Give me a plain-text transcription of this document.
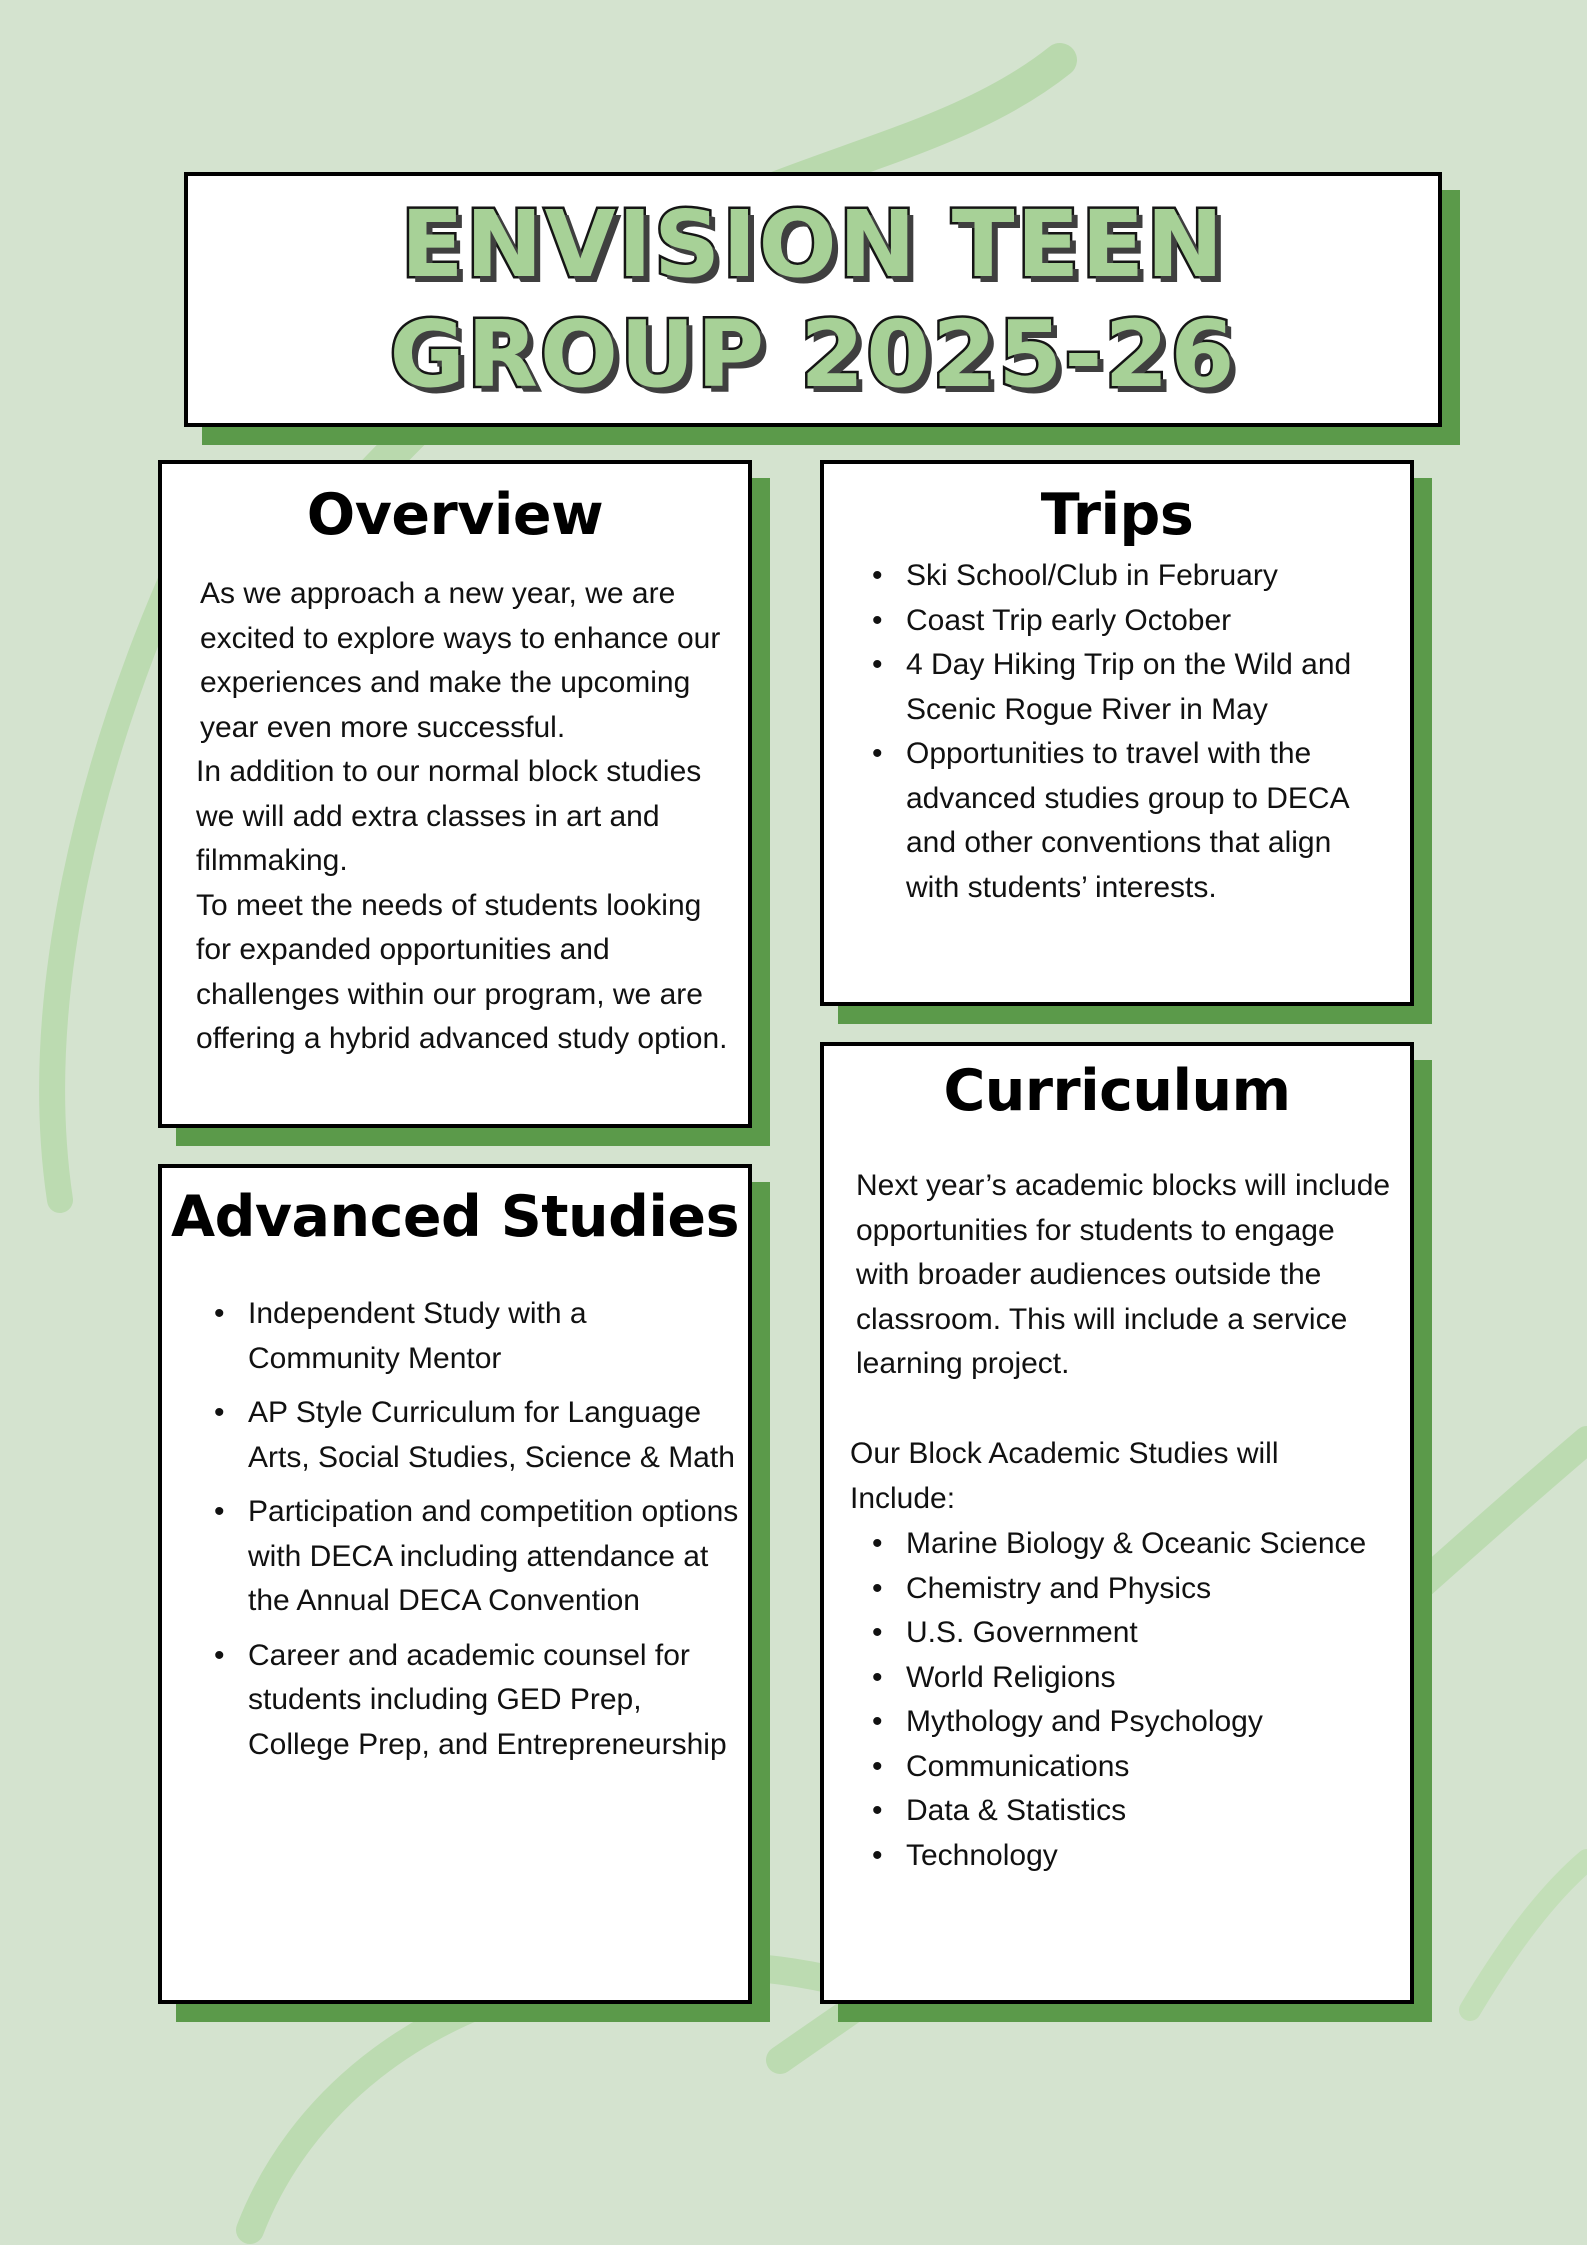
ENVISION TEEN
GROUP 2025-26
Overview

As we approach a new year, we are excited to explore ways to enhance our experiences and make the upcoming year even more successful.

In addition to our normal block studies we will add extra classes in art and filmmaking.

To meet the needs of students looking for expanded opportunities and challenges within our program, we are offering a hybrid advanced study option.

Trips
• Ski School/Club in February
• Coast Trip early October
• 4 Day Hiking Trip on the Wild and Scenic Rogue River in May
• Opportunities to travel with the advanced studies group to DECA and other conventions that align with students’ interests.
Advanced Studies
• Independent Study with a Community Mentor
• AP Style Curriculum for Language Arts, Social Studies, Science & Math
• Participation and competition options with DECA including attendance at the Annual DECA Convention
• Career and academic counsel for students including GED Prep, College Prep, and Entrepreneurship
Curriculum
Next year’s academic blocks will include opportunities for students to engage with broader audiences outside the classroom. This will include a service learning project.
Our Block Academic Studies will Include:
• Marine Biology & Oceanic Science
• Chemistry and Physics
• U.S. Government
• World Religions
• Mythology and Psychology
• Communications
• Data & Statistics
• Technology
